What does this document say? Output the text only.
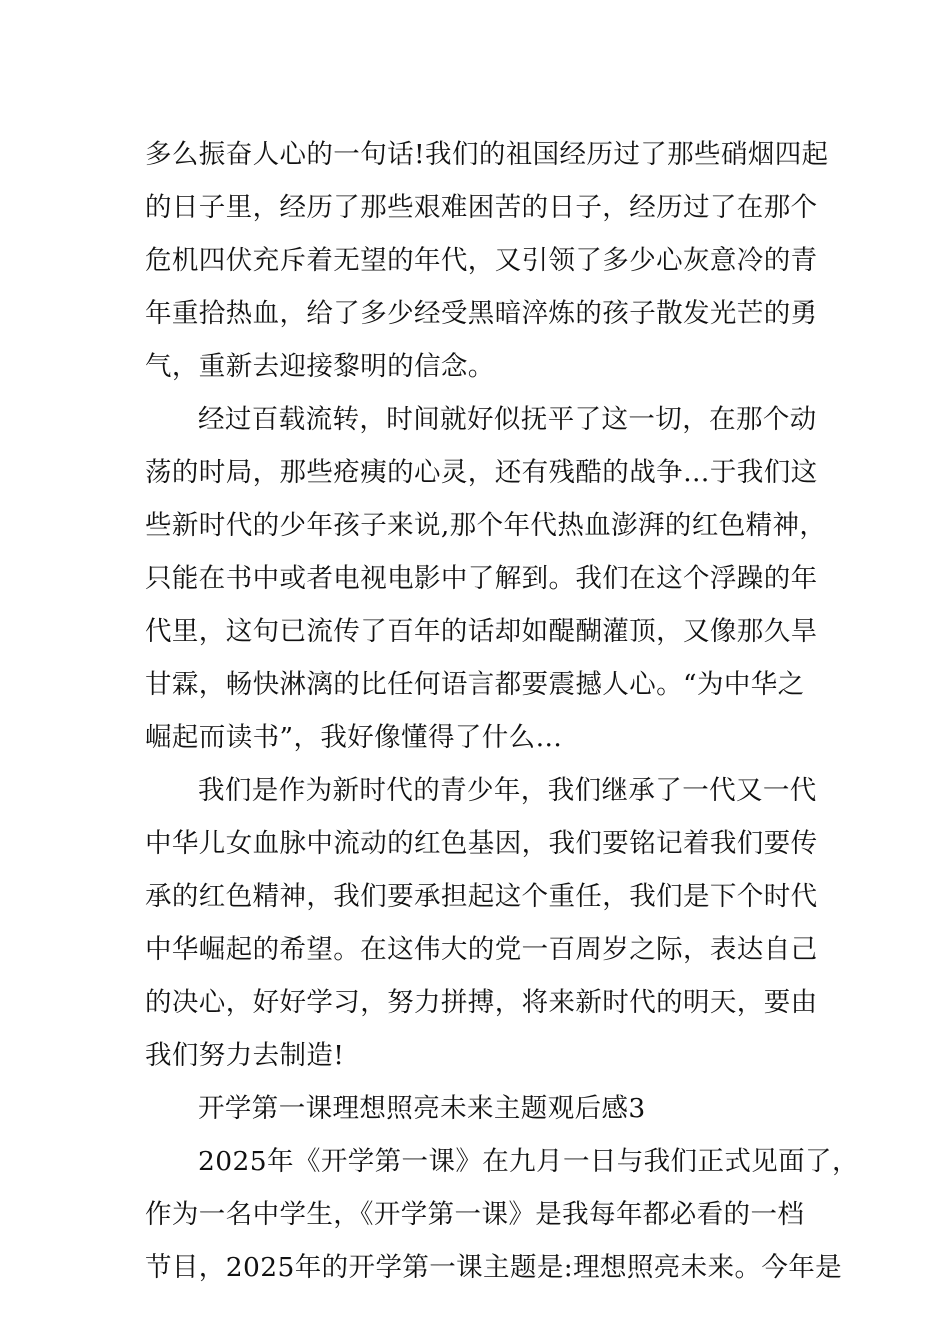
多么振奋人心的一句话!我们的祖国经历过了那些硝烟四起
的日子里，经历了那些艰难困苦的日子，经历过了在那个
危机四伏充斥着无望的年代，又引领了多少心灰意冷的青
年重拾热血，给了多少经受黑暗淬炼的孩子散发光芒的勇
气，重新去迎接黎明的信念。
经过百载流转，时间就好似抚平了这一切，在那个动
荡的时局，那些疮痍的心灵，还有残酷的战争…于我们这
些新时代的少年孩子来说,那个年代热血澎湃的红色精神，
只能在书中或者电视电影中了解到。我们在这个浮躁的年
代里，这句已流传了百年的话却如醍醐灌顶，又像那久旱
甘霖，畅快淋漓的比任何语言都要震撼人心。“为中华之
崛起而读书”，我好像懂得了什么…
我们是作为新时代的青少年，我们继承了一代又一代
中华儿女血脉中流动的红色基因，我们要铭记着我们要传
承的红色精神，我们要承担起这个重任，我们是下个时代
中华崛起的希望。在这伟大的党一百周岁之际，表达自己
的决心，好好学习，努力拼搏，将来新时代的明天，要由
我们努力去制造!
开学第一课理想照亮未来主题观后感3
2025年《开学第一课》在九月一日与我们正式见面了，
作为一名中学生，《开学第一课》是我每年都必看的一档
节目，2025年的开学第一课主题是:理想照亮未来。今年是
